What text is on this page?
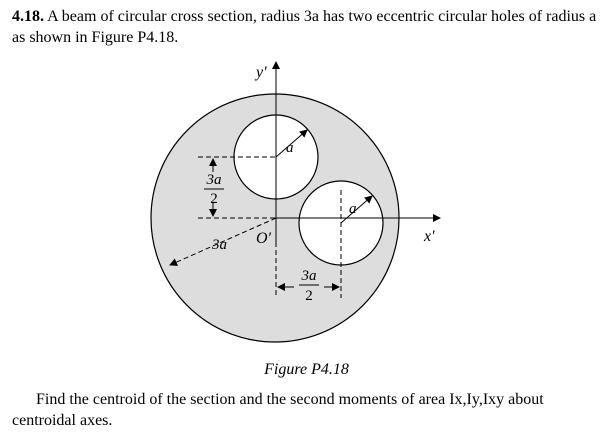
4.18. A beam of circular cross section, radius 3a has two eccentric circular holes of radius a as shown in Figure P4.18.
3a
2
3a
2
y′
x′
O′
a
a
3a
Figure P4.18
Find the centroid of the section and the second moments of area Ix,Iy,Ixy about centroidal axes.
